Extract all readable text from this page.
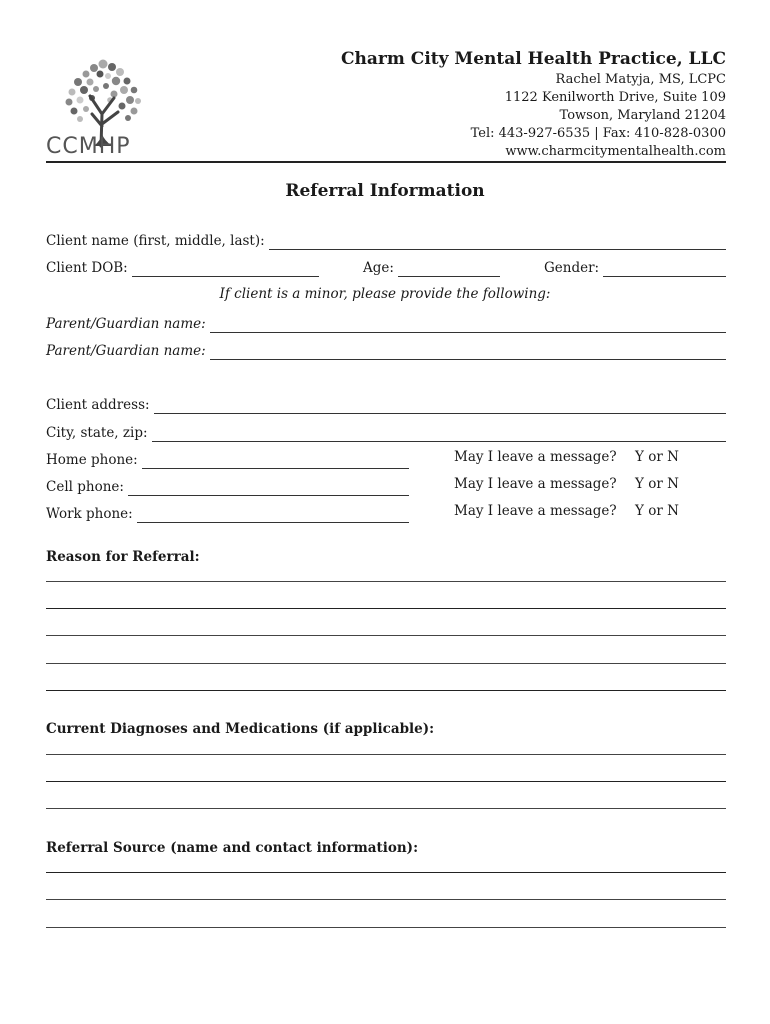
CCMHP
Charm City Mental Health Practice, LLC
Rachel Matyja, MS, LCPC
1122 Kenilworth Drive, Suite 109
Towson, Maryland 21204
Tel: 443-927-6535 | Fax: 410-828-0300
www.charmcitymentalhealth.com
Referral Information
Client name (first, middle, last):
Client DOB:	Age:	Gender:
If client is a minor, please provide the following:
Parent/Guardian name:
Parent/Guardian name:
Client address:
City, state, zip:
Home phone:	May I leave a message? Y or N
Cell phone:	May I leave a message? Y or N
Work phone:	May I leave a message? Y or N
Reason for Referral:
Current Diagnoses and Medications (if applicable):
Referral Source (name and contact information):
